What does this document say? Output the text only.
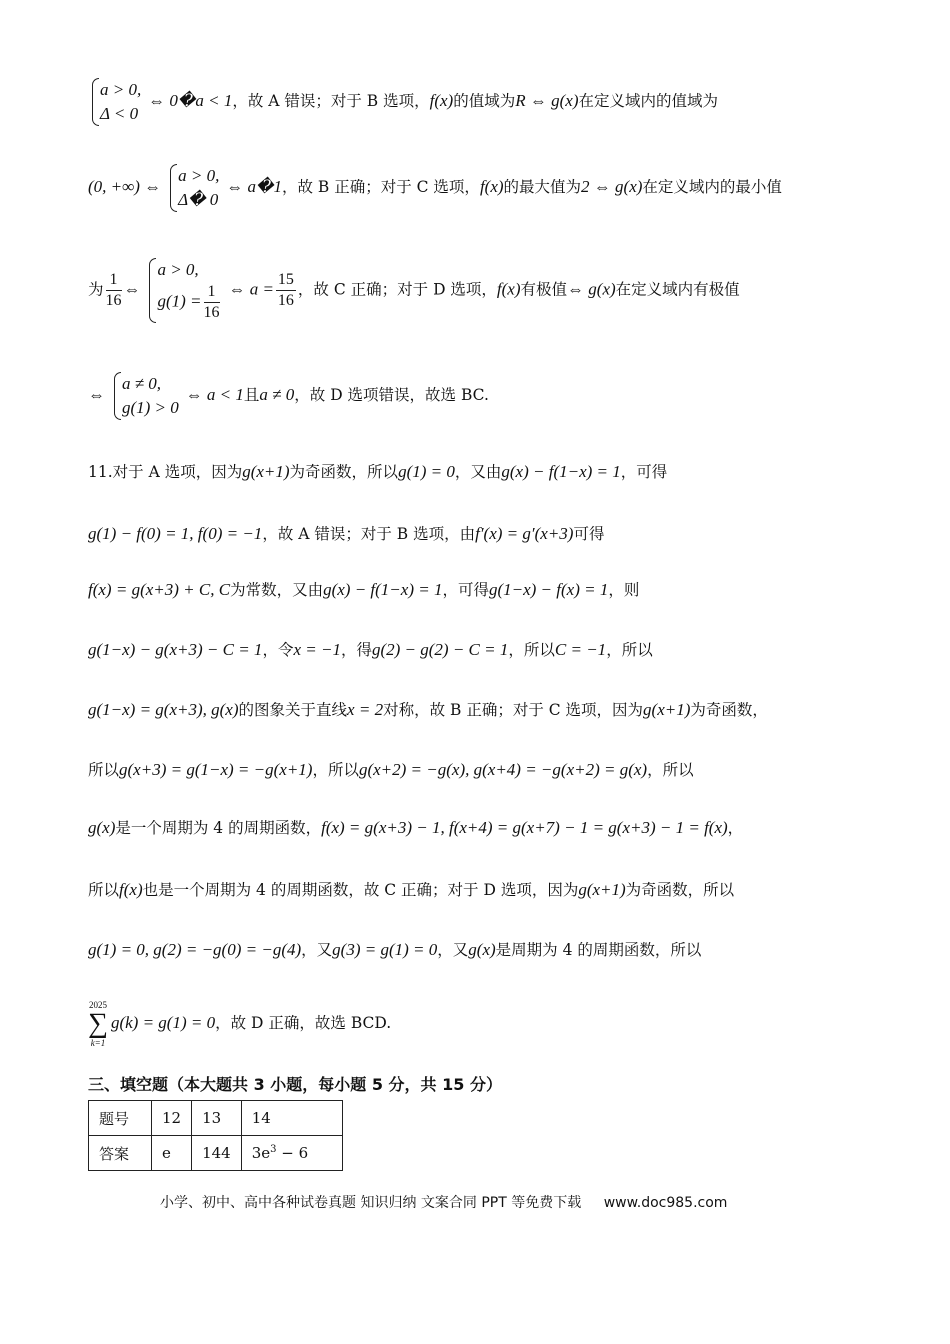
a > 0,
Δ < 0
⇔ 0�a < 1，故 A 错误；对于 B 选项，f(x)的值域为R ⇔ g(x)在定义域内的值域为
(0, +∞) ⇔
a > 0,
Δ� 0
⇔ a�1，故 B 正确；对于 C 选项，f(x)的最大值为2 ⇔ g(x)在定义域内的最小值
为 $\frac{1}{16}$ ⇔
a > 0,
$g(1) = \frac{1}{16}$ ⇔ $a = \frac{15}{16}$ ，故 C 正确；对于 D 选项，f(x)有极值⇔ g(x)在定义域内有极值
⇔
a ≠ 0,
g(1) > 0
⇔ a < 1且a ≠ 0，故 D 选项错误，故选 BC.
11.对于 A 选项，因为g(x+1)为奇函数，所以g(1) = 0，又由g(x) − f(1−x) = 1，可得
g(1) − f(0) = 1, f(0) = −1，故 A 错误；对于 B 选项，由f′(x) = g′(x+3)可得
f(x) = g(x+3) + C, C为常数，又由g(x) − f(1−x) = 1，可得g(1−x) − f(x) = 1，则
g(1−x) − g(x+3) − C = 1，令x = −1，得g(2) − g(2) − C = 1，所以C = −1，所以
g(1−x) = g(x+3), g(x)的图象关于直线x = 2对称，故 B 正确；对于 C 选项，因为g(x+1)为奇函数，
所以g(x+3) = g(1−x) = −g(x+1)，所以g(x+2) = −g(x), g(x+4) = −g(x+2) = g(x)，所以
g(x)是一个周期为 4 的周期函数，f(x) = g(x+3) − 1, f(x+4) = g(x+7) − 1 = g(x+3) − 1 = f(x)，
所以f(x)也是一个周期为 4 的周期函数，故 C 正确；对于 D 选项，因为g(x+1)为奇函数，所以
g(1) = 0, g(2) = −g(0) = −g(4)，又g(3) = g(1) = 0，又g(x)是周期为 4 的周期函数，所以
2025
∑
k=1
g(k) = g(1) = 0，故 D 正确，故选 BCD.
三、填空题（本大题共 3 小题，每小题 5 分，共 15 分）
题号	12	13	14
答案	e	144	$3e^3 - 6$
小学、初中、高中各种试卷真题 知识归纳 文案合同 PPT 等免费下载 www.doc985.com
